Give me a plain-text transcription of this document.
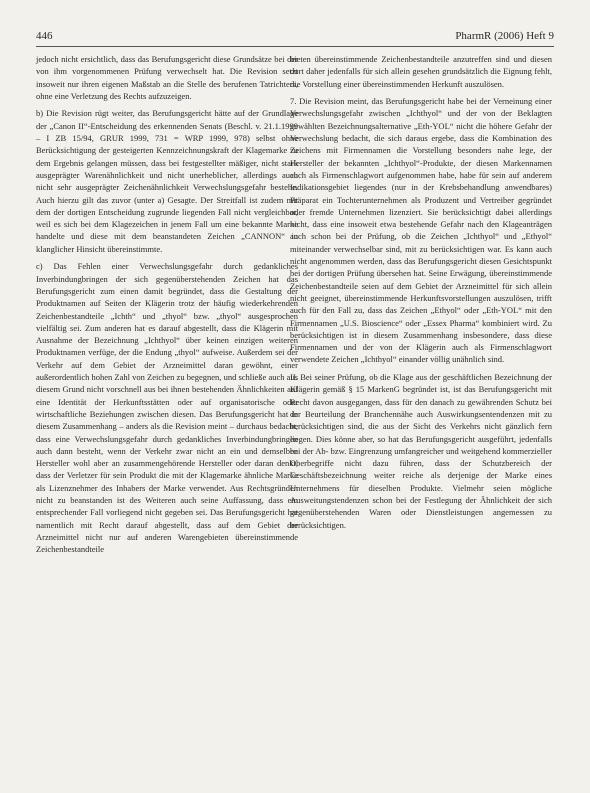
446	PharmR (2006) Heft 9

jedoch nicht ersichtlich, dass das Berufungsgericht diese Grundsätze bei der von ihm vorgenommenen Prüfung verwechselt hat. Die Revision setzt insoweit nur ihren eigenen Maßstab an die Stelle des berufenen Tatrichters, ohne eine Verletzung des Rechts aufzuzeigen.

b) Die Revision rügt weiter, das Berufungsgericht hätte auf der Grundlage der „Canon II“-Entscheidung des erkennenden Senats (Beschl. v. 21.1.1999 – I ZB 15/94, GRUR 1999, 731 = WRP 1999, 978) selbst ohne Berücksichtigung der gesteigerten Kennzeichnungskraft der Klagemarke zu dem Ergebnis gelangen müssen, dass bei festgestellter mäßiger, nicht stark ausgeprägter Warenähnlichkeit und nicht unerheblicher, allerdings auch nicht sehr ausgeprägter Zeichenähnlichkeit Verwechslungsgefahr bestehe. Auch hierzu gilt das zuvor (unter a) Gesagte. Der Streitfall ist zudem mit dem der dortigen Entscheidung zugrunde liegenden Fall nicht vergleichbar, weil es sich bei dem Klagezeichen in jenem Fall um eine bekannte Marke handelte und diese mit dem beanstandeten Zeichen „CANNON“ in klanglicher Hinsicht übereinstimmte.

c) Das Fehlen einer Verwechslungsgefahr durch gedankliches Inverbindungbringen der sich gegenüberstehenden Zeichen hat das Berufungsgericht zum einen damit begründet, dass die Gestaltung der Produktnamen auf Seiten der Klägerin trotz der häufig wiederkehrenden Zeichenbestandteile „Ichth“ und „thyol“ bzw. „thyol“ ausgesprochen vielfältig sei. Zum anderen hat es darauf abgestellt, dass die Klägerin mit Ausnahme der Bezeichnung „Ichthyol“ über keinen einzigen weiteren Produktnamen verfüge, der die Endung „thyol“ aufweise. Außerdem sei der Verkehr auf dem Gebiet der Arzneimittel daran gewöhnt, einer außerordentlich hohen Zahl von Zeichen zu begegnen, und schließe auch aus diesem Grund nicht vorschnell aus bei ihnen bestehenden Ähnlichkeiten auf eine Identität der Herkunftsstätten oder auf organisatorische oder wirtschaftliche Beziehungen zwischen diesen. Das Berufungsgericht hat in diesem Zusammenhang – anders als die Revision meint – durchaus bedacht, dass eine Verwechslungsgefahr durch gedankliches Inverbindungbringen auch dann besteht, wenn der Verkehr zwar nicht an ein und demselben Hersteller wohl aber an zusammengehörende Hersteller oder daran denkt, dass der Verletzer für sein Produkt die mit der Klagemarke ähnliche Marke als Lizenznehmer des Inhabers der Marke verwendet. Aus Rechtsgründen nicht zu beanstanden ist des Weiteren auch seine Auffassung, dass ein entsprechender Fall vorliegend nicht gegeben sei. Das Berufungsgericht hat namentlich mit Recht darauf abgestellt, dass auf dem Gebiet der Arzneimittel nicht nur auf anderen Warengebieten übereinstimmende Zeichenbestandteile

bieten übereinstimmende Zeichenbestandteile anzutreffen sind und diesen dort daher jedenfalls für sich allein gesehen grundsätzlich die Eignung fehlt, die Vorstellung einer übereinstimmenden Herkunft auszulösen.

7. Die Revision meint, das Berufungsgericht habe bei der Verneinung einer Verwechslungsgefahr zwischen „Ichthyol“ und der von der Beklagten gewählten Bezeichnungsalternative „Eth-YOL“ nicht die höhere Gefahr der Verwechslung bedacht, die sich daraus ergebe, dass die Kombination des Zeichens mit Firmennamen die Vorstellung besonders nahe lege, der Hersteller der bekannten „Ichthyol“-Produkte, der diesen Markennamen auch als Firmenschlagwort aufgenommen habe, habe für sein auf anderem Indikationsgebiet liegendes (nur in der Krebsbehandlung anwendbares) Präparat ein Tochterunternehmen als Produzent und Vertreiber gegründet oder fremde Unternehmen lizenziert. Sie berücksichtigt dabei allerdings nicht, dass eine insoweit etwa bestehende Gefahr nach den Klageanträgen auch schon bei der Prüfung, ob die Zeichen „Ichthyol“ und „Ethyol“ miteinander verwechselbar sind, mit zu berücksichtigen war. Es kann auch nicht angenommen werden, dass das Berufungsgericht diesen Gesichtspunkt bei der dortigen Prüfung übersehen hat. Seine Erwägung, übereinstimmende Zeichenbestandteile seien auf dem Gebiet der Arzneimittel für sich allein nicht geeignet, übereinstimmende Herkunftsvorstellungen auszulösen, trifft auch für den Fall zu, dass das Zeichen „Ethyol“ oder „Eth-YOL“ mit den Firmennamen „U.S. Bioscience“ oder „Essex Pharma“ kombiniert wird. Zu berücksichtigen ist in diesem Zusammenhang insbesondere, dass diese Firmennamen und der von der Klägerin auch als Firmenschlagwort verwendete Zeichen „Ichthyol“ einander völlig unähnlich sind.

II. Bei seiner Prüfung, ob die Klage aus der geschäftlichen Bezeichnung der Klägerin gemäß § 15 MarkenG begründet ist, ist das Berufungsgericht mit Recht davon ausgegangen, dass für den danach zu gewährenden Schutz bei der Beurteilung der Branchennähe auch Auswirkungsentendenzen mit zu berücksichtigen sind, die aus der Sicht des Verkehrs nicht gänzlich fern liegen. Dies könne aber, so hat das Berufungsgericht ausgeführt, jedenfalls bei der Ab- bzw. Eingrenzung umfangreicher und weitgehend kommerzieller Oberbegriffe nicht dazu führen, dass der Schutzbereich der Geschäftsbezeichnung weiter reiche als derjenige der Marke eines Unternehmens für dieselben Produkte. Vielmehr seien mögliche Ausweitungstendenzen schon bei der Festlegung der Ähnlichkeit der sich gegenüberstehenden Waren oder Dienstleistungen angemessen zu berücksichtigen.
